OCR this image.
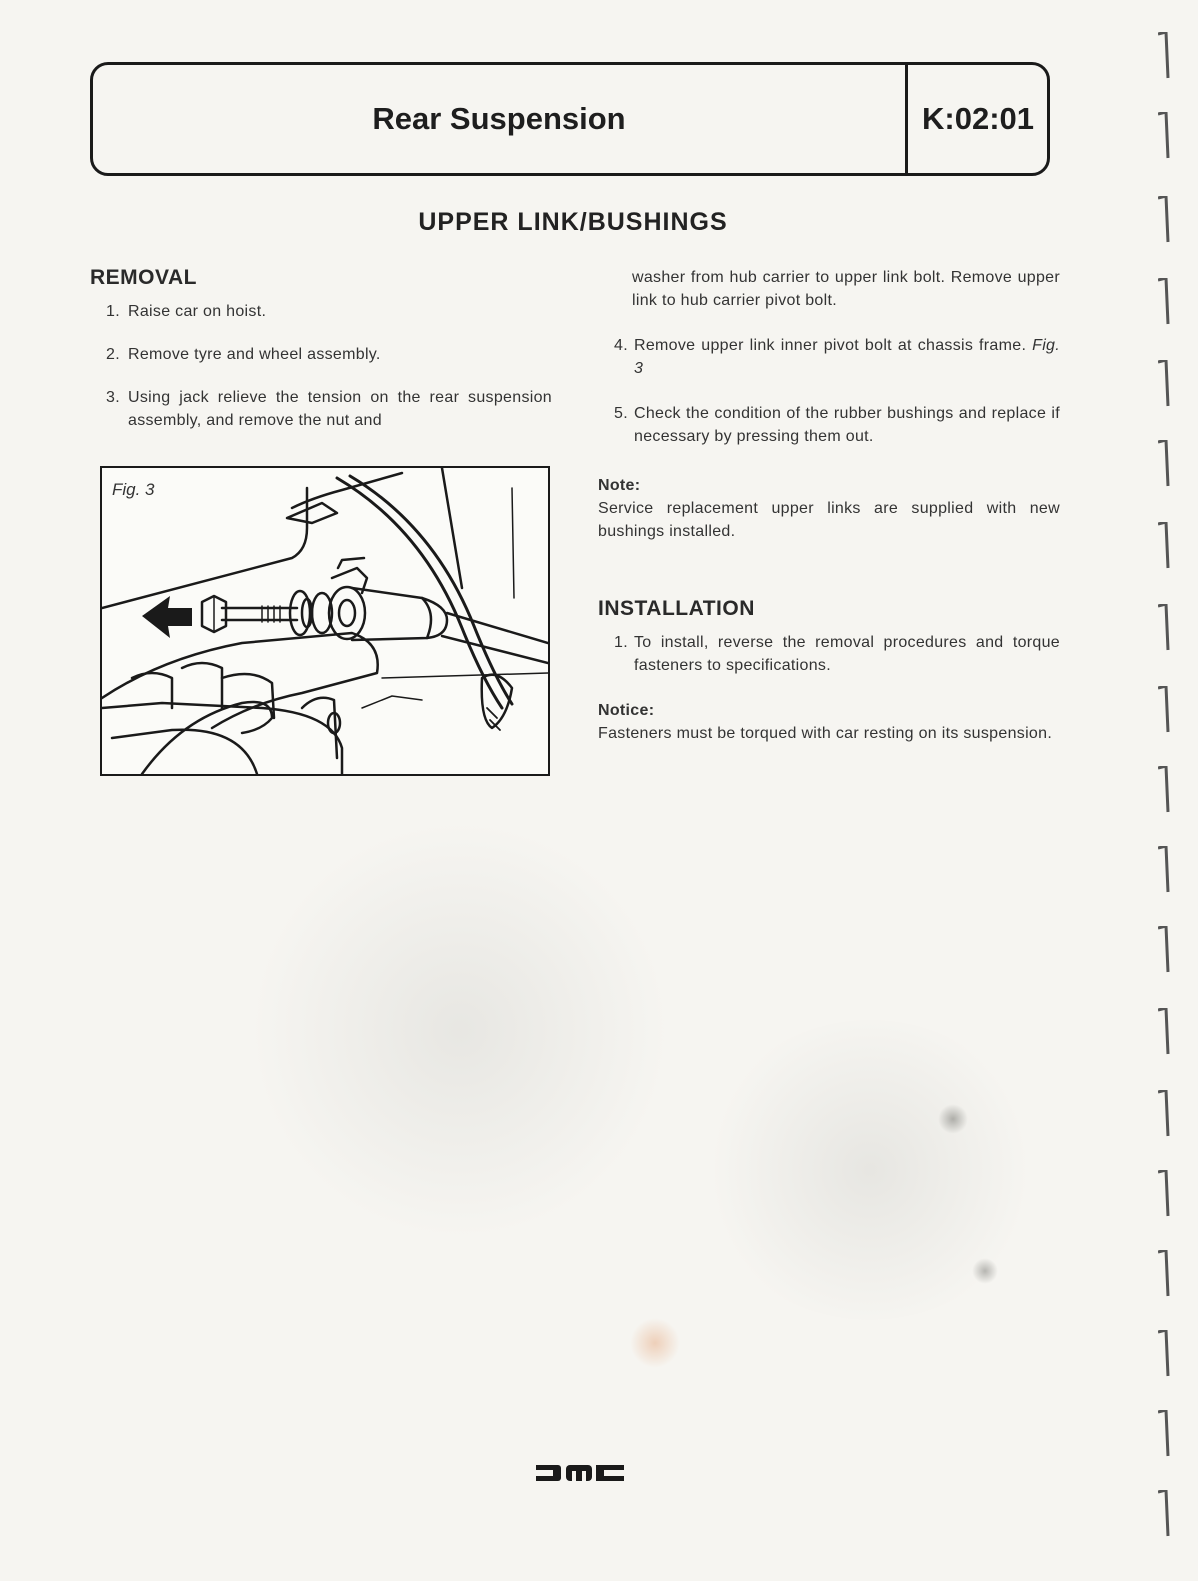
Rear Suspension	K:02:01
UPPER LINK/BUSHINGS
REMOVAL
1. Raise car on hoist.
2. Remove tyre and wheel assembly.
3. Using jack relieve the tension on the rear suspension assembly, and remove the nut and
Fig. 3
washer from hub carrier to upper link bolt. Remove upper link to hub carrier pivot bolt.
4. Remove upper link inner pivot bolt at chassis frame. Fig. 3
5. Check the condition of the rubber bushings and replace if necessary by pressing them out.
Note:
Service replacement upper links are supplied with new bushings installed.
INSTALLATION
1. To install, reverse the removal procedures and torque fasteners to specifications.
Notice:
Fasteners must be torqued with car resting on its suspension.
